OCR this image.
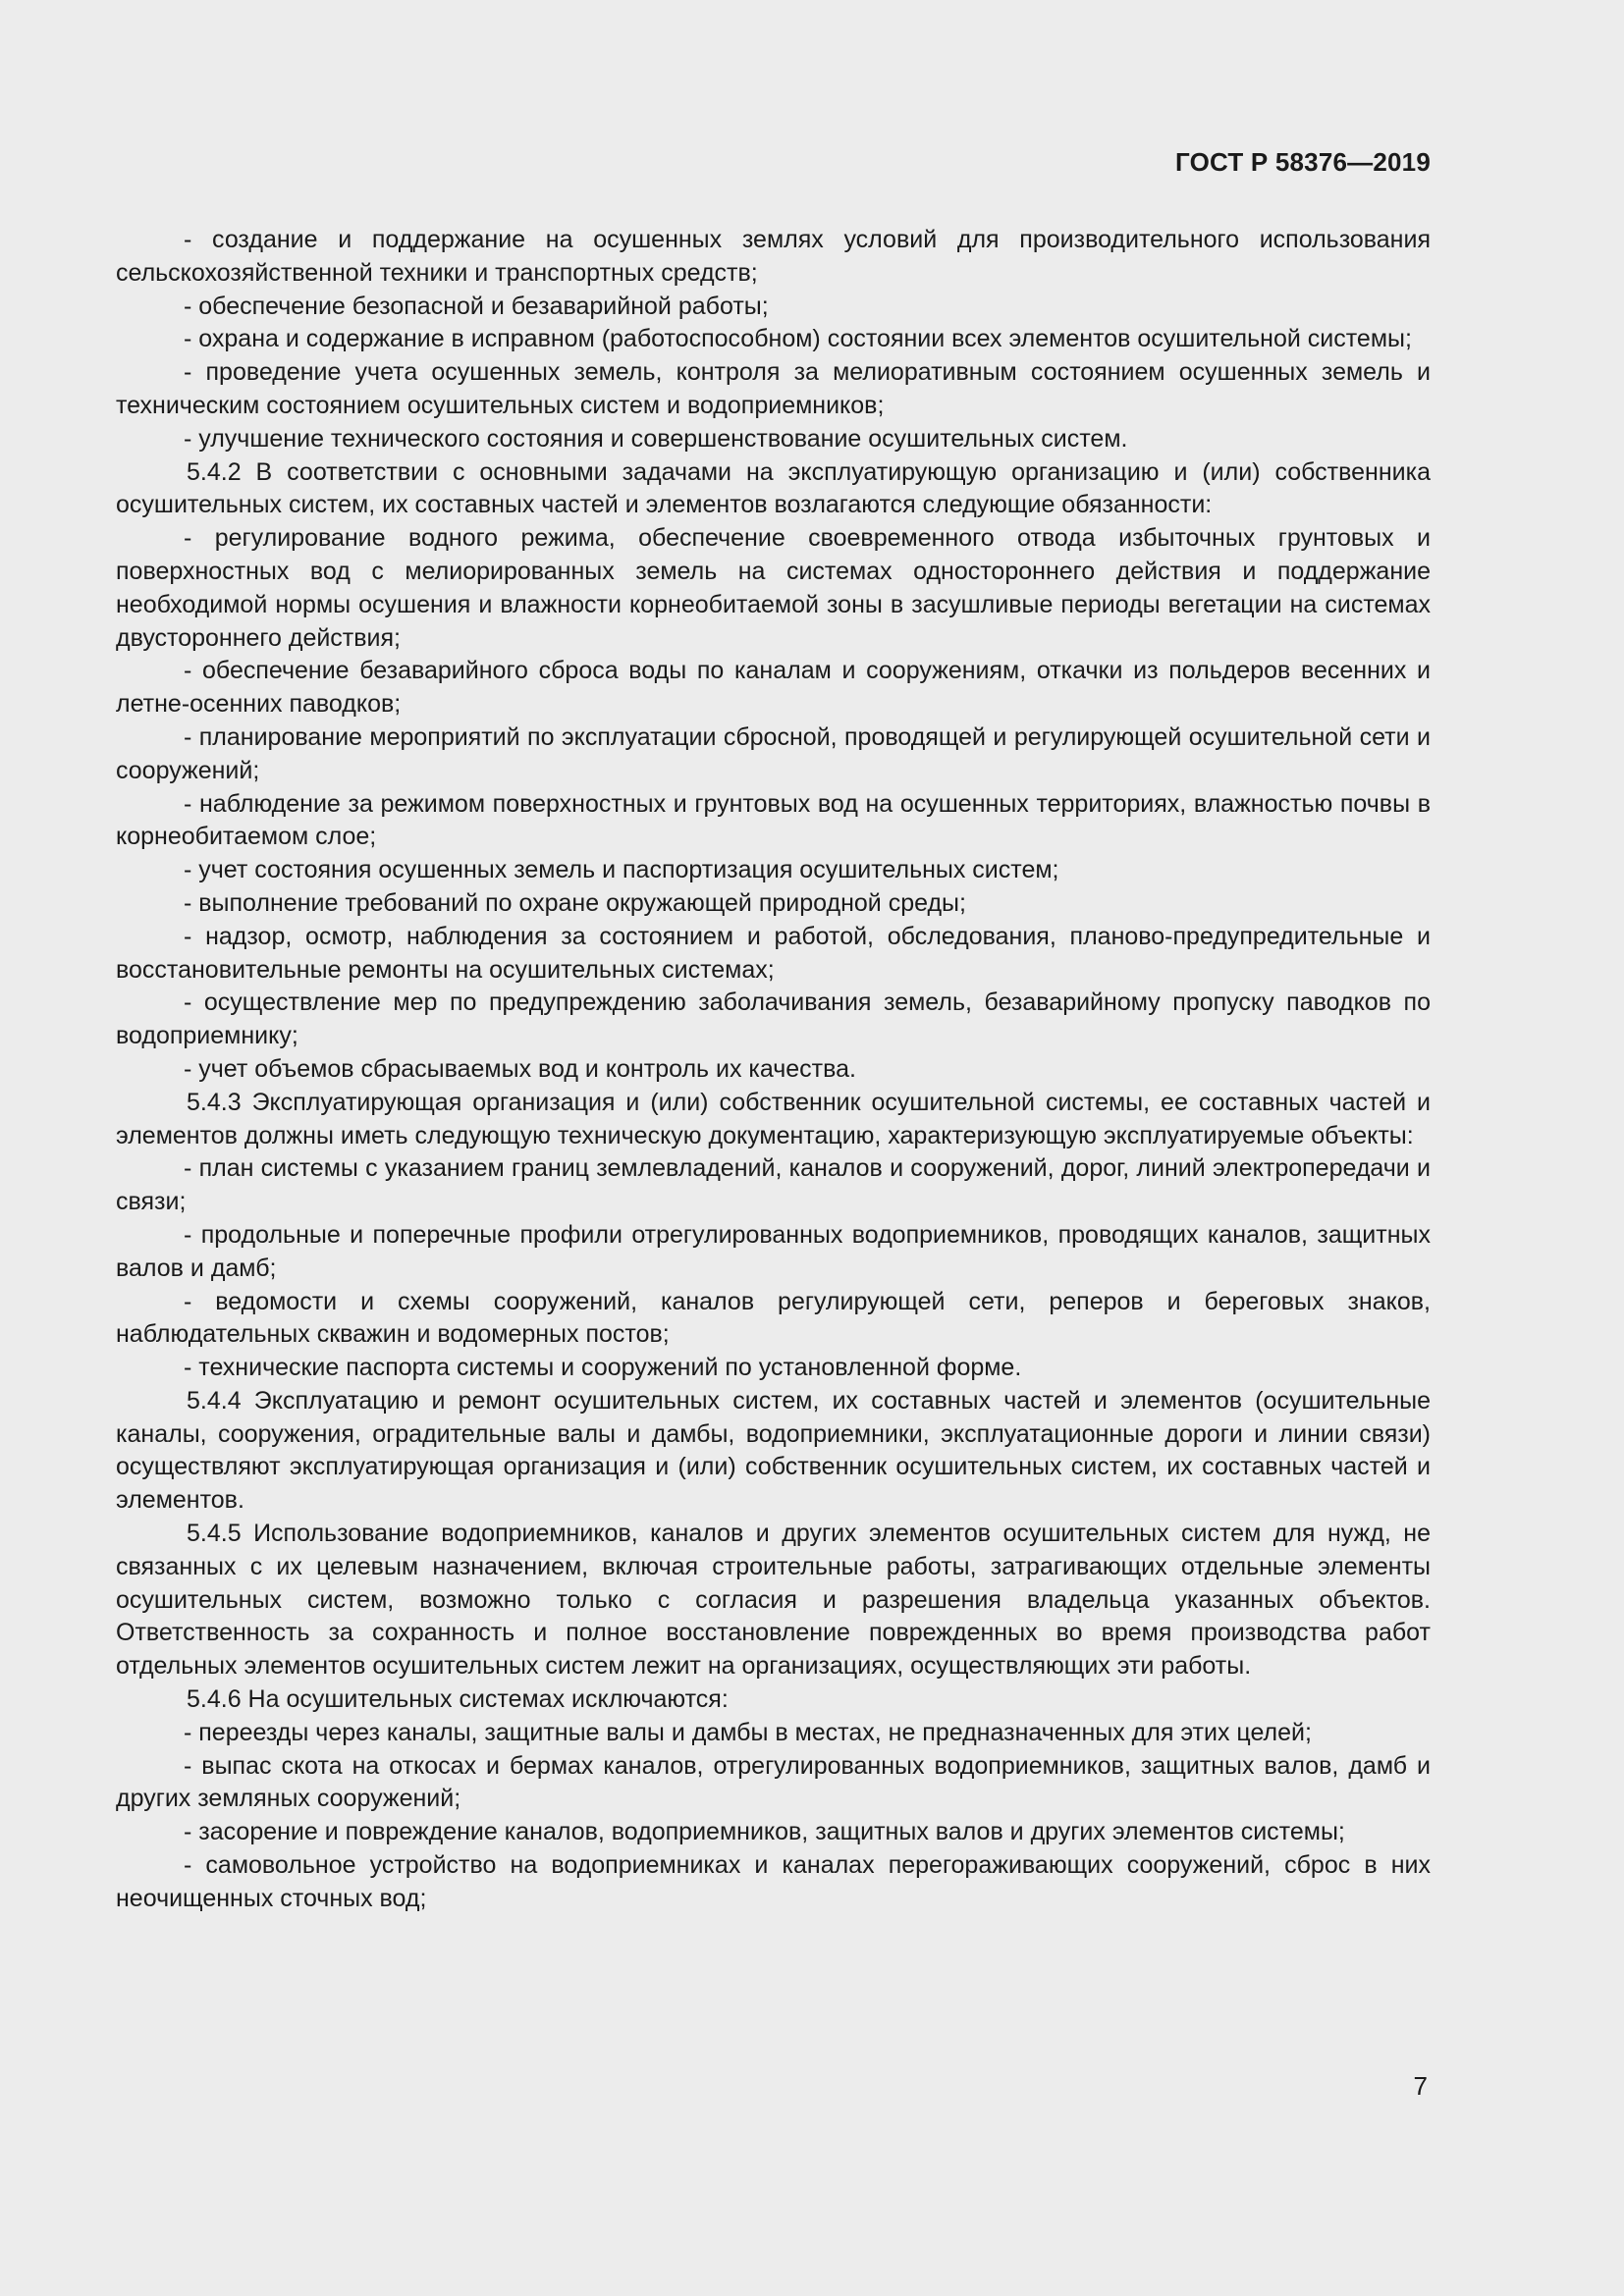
ГОСТ Р 58376—2019

- создание и поддержание на осушенных землях условий для производительного использования сельскохозяйственной техники и транспортных средств;

- обеспечение безопасной и безаварийной работы;

- охрана и содержание в исправном (работоспособном) состоянии всех элементов осушительной системы;

- проведение учета осушенных земель, контроля за мелиоративным состоянием осушенных земель и техническим состоянием осушительных систем и водоприемников;

- улучшение технического состояния и совершенствование осушительных систем.

5.4.2 В соответствии с основными задачами на эксплуатирующую организацию и (или) собственника осушительных систем, их составных частей и элементов возлагаются следующие обязанности:

- регулирование водного режима, обеспечение своевременного отвода избыточных грунтовых и поверхностных вод с мелиорированных земель на системах одностороннего действия и поддержание необходимой нормы осушения и влажности корнеобитаемой зоны в засушливые периоды вегетации на системах двустороннего действия;

- обеспечение безаварийного сброса воды по каналам и сооружениям, откачки из польдеров весенних и летне-осенних паводков;

- планирование мероприятий по эксплуатации сбросной, проводящей и регулирующей осушительной сети и сооружений;

- наблюдение за режимом поверхностных и грунтовых вод на осушенных территориях, влажностью почвы в корнеобитаемом слое;

- учет состояния осушенных земель и паспортизация осушительных систем;

- выполнение требований по охране окружающей природной среды;

- надзор, осмотр, наблюдения за состоянием и работой, обследования, планово-предупредительные и восстановительные ремонты на осушительных системах;

- осуществление мер по предупреждению заболачивания земель, безаварийному пропуску паводков по водоприемнику;

- учет объемов сбрасываемых вод и контроль их качества.

5.4.3 Эксплуатирующая организация и (или) собственник осушительной системы, ее составных частей и элементов должны иметь следующую техническую документацию, характеризующую эксплуатируемые объекты:

- план системы с указанием границ землевладений, каналов и сооружений, дорог, линий электропередачи и связи;

- продольные и поперечные профили отрегулированных водоприемников, проводящих каналов, защитных валов и дамб;

- ведомости и схемы сооружений, каналов регулирующей сети, реперов и береговых знаков, наблюдательных скважин и водомерных постов;

- технические паспорта системы и сооружений по установленной форме.

5.4.4 Эксплуатацию и ремонт осушительных систем, их составных частей и элементов (осушительные каналы, сооружения, оградительные валы и дамбы, водоприемники, эксплуатационные дороги и линии связи) осуществляют эксплуатирующая организация и (или) собственник осушительных систем, их составных частей и элементов.

5.4.5 Использование водоприемников, каналов и других элементов осушительных систем для нужд, не связанных с их целевым назначением, включая строительные работы, затрагивающих отдельные элементы осушительных систем, возможно только с согласия и разрешения владельца указанных объектов. Ответственность за сохранность и полное восстановление поврежденных во время производства работ отдельных элементов осушительных систем лежит на организациях, осуществляющих эти работы.

5.4.6 На осушительных системах исключаются:

- переезды через каналы, защитные валы и дамбы в местах, не предназначенных для этих целей;

- выпас скота на откосах и бермах каналов, отрегулированных водоприемников, защитных валов, дамб и других земляных сооружений;

- засорение и повреждение каналов, водоприемников, защитных валов и других элементов системы;

- самовольное устройство на водоприемниках и каналах перегораживающих сооружений, сброс в них неочищенных сточных вод;

7
